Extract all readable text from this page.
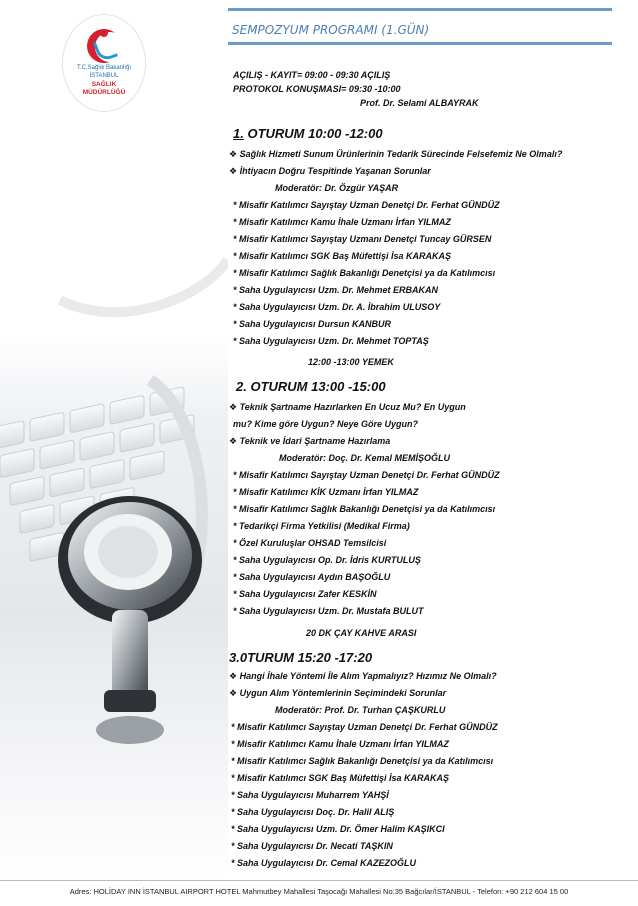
T.C.Sağlık Bakanlığı
İSTANBUL
SAĞLIK
MÜDÜRLÜĞÜ
SEMPOZYUM PROGRAMI (1.GÜN)
AÇILIŞ - KAYIT= 09:00 - 09:30 AÇILIŞ
PROTOKOL KONUŞMASI= 09:30 -10:00
Prof. Dr. Selami ALBAYRAK
1. OTURUM 10:00 -12:00
❖ Sağlık Hizmeti Sunum Ürünlerinin Tedarik Sürecinde Felsefemiz Ne Olmalı?
❖ İhtiyacın Doğru Tespitinde Yaşanan Sorunlar
Moderatör: Dr. Özgür YAŞAR
* Misafir Katılımcı Sayıştay Uzman Denetçi Dr. Ferhat GÜNDÜZ
* Misafir Katılımcı Kamu İhale Uzmanı İrfan YILMAZ
* Misafir Katılımcı Sayıştay Uzmanı Denetçi Tuncay GÜRSEN
* Misafir Katılımcı SGK Baş Müfettişi İsa KARAKAŞ
* Misafir Katılımcı Sağlık Bakanlığı Denetçisi ya da Katılımcısı
* Saha Uygulayıcısı Uzm. Dr. Mehmet ERBAKAN
* Saha Uygulayıcısı Uzm. Dr. A. İbrahim ULUSOY
* Saha Uygulayıcısı Dursun KANBUR
* Saha Uygulayıcısı Uzm. Dr. Mehmet TOPTAŞ
12:00 -13:00 YEMEK
2. OTURUM 13:00 -15:00
❖ Teknik Şartname Hazırlarken En Ucuz Mu? En Uygun
mu? Kime göre Uygun? Neye Göre Uygun?
❖ Teknik ve İdari Şartname Hazırlama
Moderatör: Doç. Dr. Kemal MEMİŞOĞLU
* Misafir Katılımcı Sayıştay Uzman Denetçi Dr. Ferhat GÜNDÜZ
* Misafir Katılımcı KİK Uzmanı İrfan YILMAZ
* Misafir Katılımcı Sağlık Bakanlığı Denetçisi ya da Katılımcısı
* Tedarikçi Firma Yetkilisi (Medikal Firma)
* Özel Kuruluşlar OHSAD Temsilcisi
* Saha Uygulayıcısı Op. Dr. İdris KURTULUŞ
* Saha Uygulayıcısı Aydın BAŞOĞLU
* Saha Uygulayıcısı Zafer KESKİN
* Saha Uygulayıcısı Uzm. Dr. Mustafa BULUT
20 DK ÇAY KAHVE ARASI
3.0TURUM 15:20 -17:20
❖ Hangi İhale Yöntemi İle Alım Yapmalıyız? Hızımız Ne Olmalı?
❖ Uygun Alım Yöntemlerinin Seçimindeki Sorunlar
Moderatör: Prof. Dr. Turhan ÇAŞKURLU
* Misafir Katılımcı Sayıştay Uzman Denetçi Dr. Ferhat GÜNDÜZ
* Misafir Katılımcı Kamu İhale Uzmanı İrfan YILMAZ
* Misafir Katılımcı Sağlık Bakanlığı Denetçisi ya da Katılımcısı
* Misafir Katılımcı SGK Baş Müfettişi İsa KARAKAŞ
* Saha Uygulayıcısı Muharrem YAHŞİ
* Saha Uygulayıcısı Doç. Dr. Halil ALIŞ
* Saha Uygulayıcısı Uzm. Dr. Ömer Halim KAŞIKCI
* Saha Uygulayıcısı Dr. Necati TAŞKIN
* Saha Uygulayıcısı Dr. Cemal KAZEZOĞLU
Adres: HOLİDAY INN İSTANBUL AIRPORT HOTEL Mahmutbey Mahallesi Taşocağı Mahallesi No:35 Bağcılar/İSTANBUL - Telefon: +90 212 604 15 00
